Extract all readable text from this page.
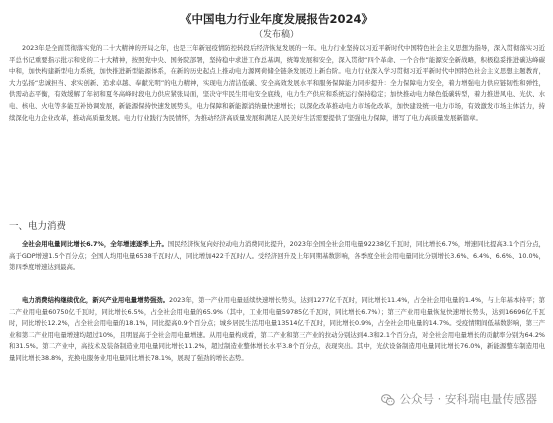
《中国电力行业年度发展报告2024》
（发布稿）
2023年是全面贯彻落实党的二十大精神的开局之年，也是三年新冠疫情防控转段后经济恢复发展的一年。电力行业坚持以习近平新时代中国特色社会主义思想为指导，深入贯彻落实习近平总书记重要指示批示和党的二十大精神，按照党中央、国务院部署，坚持稳中求进工作总基调，统筹发展和安全，深入贯彻“四个革命、一个合作”能源安全新战略，积极稳妥推进碳达峰碳中和，加快构建新型电力系统，加快推进新型能源体系，在新的历史起点上推动电力源网荷储全链条发展迈上新台阶。电力行业深入学习贯彻习近平新时代中国特色社会主义思想主题教育，大力弘扬“忠诚担当、求实创新、追求卓越、奉献光明”的电力精神，实现电力清洁低碳、安全高效发展水平和服务保障能力同步提升：全力保障电力安全，着力增强电力供应链韧性和弹性，供需动态平衡，有效缓解了年初和夏冬高峰时段电力供应紧张局面，坚决守牢民生用电安全底线，电力生产供应和系统运行保持稳定；加快推动电力绿色低碳转型，着力推进风电、光伏、水电、核电、火电等多能互补协调发展，新能源保持快速发展势头，电力保障和新能源消纳量快速增长；以深化改革推动电力市场化改革，加快建设统一电力市场，有效激发市场主体活力，持续深化电力企业改革，推动高质量发展。电力行业践行为民情怀，为推动经济高质量发展和满足人民美好生活需要提供了坚强电力保障，谱写了电力高质量发展新篇章。
一、电力消费
全社会用电量同比增长6.7%，全年增速逐季上升。国民经济恢复向好拉动电力消费同比提升，2023年全国全社会用电量92238亿千瓦时，同比增长6.7%，增速同比提高3.1个百分点，高于GDP增速1.5个百分点；全国人均用电量6538千瓦时/人，同比增加422千瓦时/人。受经济回升及上年同期基数影响，各季度全社会用电量同比分别增长3.6%、6.4%、6.6%、10.0%，第四季度增速达到最高。
电力消费结构继续优化，新兴产业用电量增势强劲。2023年，第一产业用电量延续快速增长势头，达到1277亿千瓦时，同比增长11.4%，占全社会用电量的1.4%，与上年基本持平；第二产业用电量60750亿千瓦时，同比增长6.5%，占全社会用电量的65.9%（其中，工业用电量59785亿千瓦时，同比增长6.7%）；第三产业用电量恢复快速增长势头，达到16696亿千瓦时，同比增长12.2%，占全社会用电量的18.1%，同比提高0.9个百分点；城乡居民生活用电量13514亿千瓦时，同比增长0.9%，占全社会用电量的14.7%。受疫情期间低基数影响，第三产业和第二产业用电量增速均超过10%，且明显高于全社会用电量增速。从用电量构成看，第二产业和第三产业的拉动分别达到4.3和2.1个百分点，对全社会用电量增长的贡献率分别为64.2%和31.5%。第二产业中，高技术及装备制造业用电量同比增长11.2%，超过制造业整体增长水平3.8个百分点，表现突出。其中，光伏设备制造用电量同比增长76.0%，新能源整车制造用电量同比增长38.8%，充换电服务业用电量同比增长78.1%，展现了强劲的增长态势。
公众号 · 安科瑞电量传感器
